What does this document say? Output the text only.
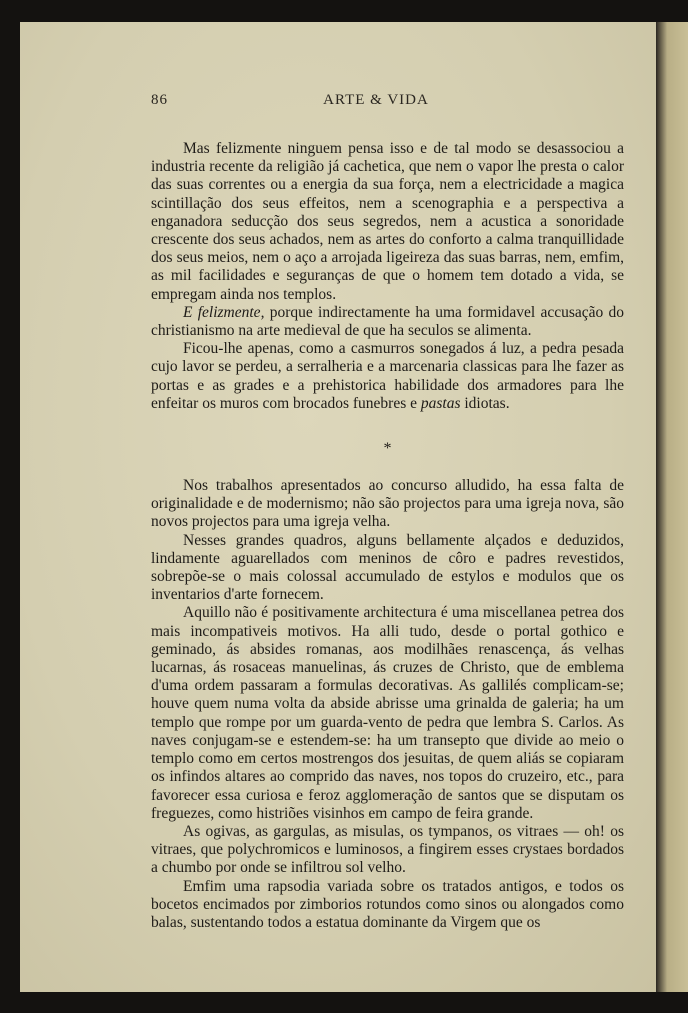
86	ARTE & VIDA

Mas felizmente ninguem pensa isso e de tal modo se desassociou a industria recente da religião já cachetica, que nem o vapor lhe presta o calor das suas correntes ou a energia da sua força, nem a electricidade a magica scintillação dos seus effeitos, nem a scenographia e a perspectiva a enganadora seducção dos seus segredos, nem a acustica a sonoridade crescente dos seus achados, nem as artes do conforto a calma tranquillidade dos seus meios, nem o aço a arrojada ligeireza das suas barras, nem, emfim, as mil facilidades e seguranças de que o homem tem dotado a vida, se empregam ainda nos templos.

E felizmente, porque indirectamente ha uma formidavel accusação do christianismo na arte medieval de que ha seculos se alimenta.

Ficou-lhe apenas, como a casmurros sonegados á luz, a pedra pesada cujo lavor se perdeu, a serralheria e a marcenaria classicas para lhe fazer as portas e as grades e a prehistorica habilidade dos armadores para lhe enfeitar os muros com brocados funebres e pastas idiotas.

*

Nos trabalhos apresentados ao concurso alludido, ha essa falta de originalidade e de modernismo; não são projectos para uma igreja nova, são novos projectos para uma igreja velha.

Nesses grandes quadros, alguns bellamente alçados e deduzidos, lindamente aguarellados com meninos de côro e padres revestidos, sobrepõe-se o mais colossal accumulado de estylos e modulos que os inventarios d'arte fornecem.

Aquillo não é positivamente architectura é uma miscellanea petrea dos mais incompativeis motivos. Ha alli tudo, desde o portal gothico e geminado, ás absides romanas, aos modilhães renascença, ás velhas lucarnas, ás rosaceas manuelinas, ás cruzes de Christo, que de emblema d'uma ordem passaram a formulas decorativas. As gallilés complicam-se; houve quem numa volta da abside abrisse uma grinalda de galeria; ha um templo que rompe por um guarda-vento de pedra que lembra S. Carlos. As naves conjugam-se e estendem-se: ha um transepto que divide ao meio o templo como em certos mostrengos dos jesuitas, de quem aliás se copiaram os infindos altares ao comprido das naves, nos topos do cruzeiro, etc., para favorecer essa curiosa e feroz agglomeração de santos que se disputam os freguezes, como histriões visinhos em campo de feira grande.

As ogivas, as gargulas, as misulas, os tympanos, os vitraes — oh! os vitraes, que polychromicos e luminosos, a fingirem esses crystaes bordados a chumbo por onde se infiltrou sol velho.

Emfim uma rapsodia variada sobre os tratados antigos, e todos os bocetos encimados por zimborios rotundos como sinos ou alongados como balas, sustentando todos a estatua dominante da Virgem que os
